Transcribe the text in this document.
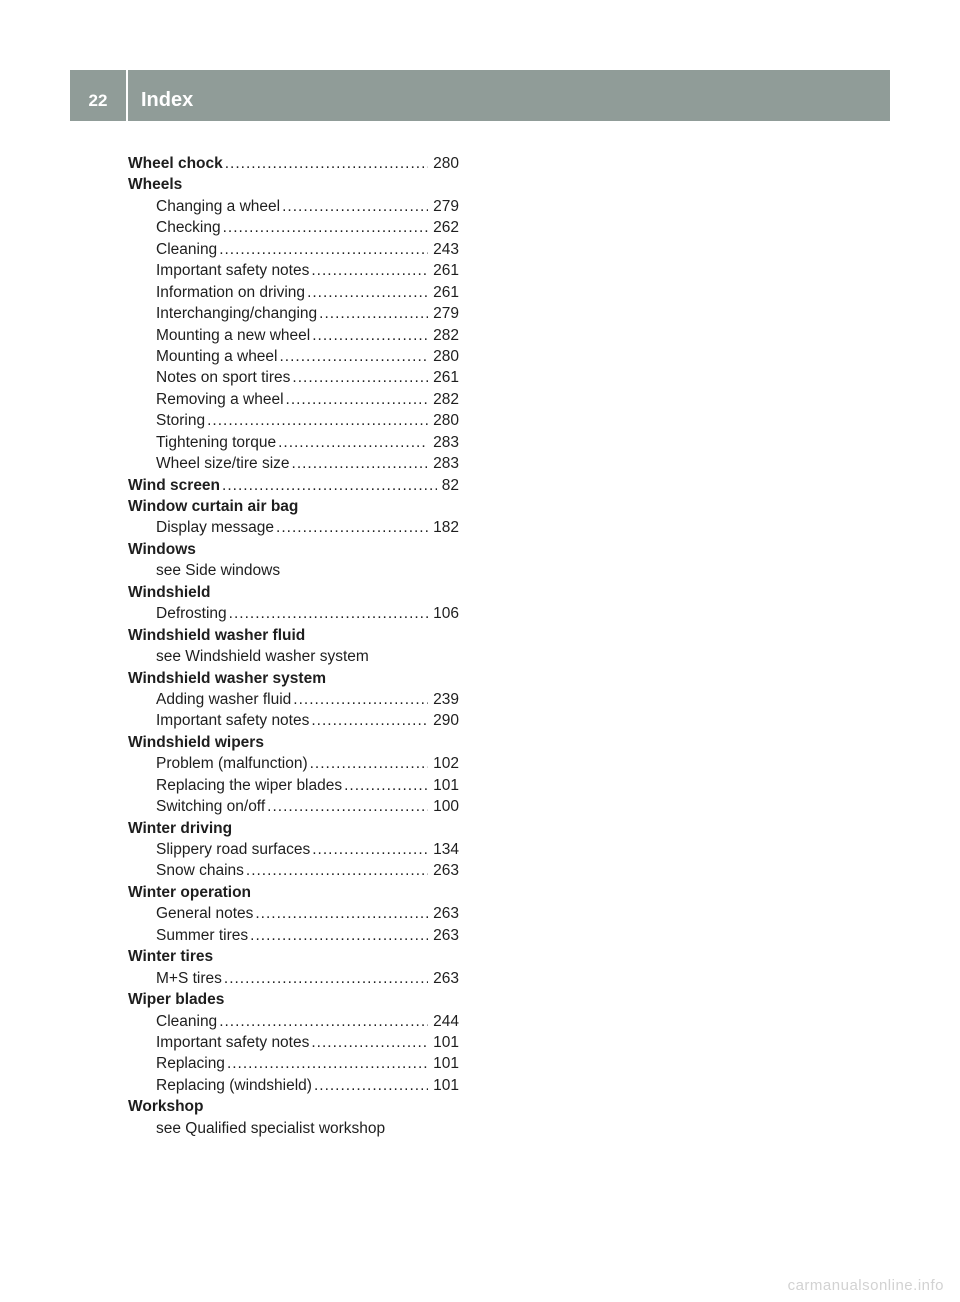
22	Index
Wheel chock .....	280
Wheels
Changing a wheel .....	279
Checking .....	262
Cleaning .....	243
Important safety notes .....	261
Information on driving .....	261
Interchanging/changing .....	279
Mounting a new wheel .....	282
Mounting a wheel .....	280
Notes on sport tires .....	261
Removing a wheel .....	282
Storing .....	280
Tightening torque .....	283
Wheel size/tire size .....	283
Wind screen .....	82
Window curtain air bag
Display message .....	182
Windows
see Side windows
Windshield
Defrosting .....	106
Windshield washer fluid
see Windshield washer system
Windshield washer system
Adding washer fluid .....	239
Important safety notes .....	290
Windshield wipers
Problem (malfunction) .....	102
Replacing the wiper blades .....	101
Switching on/off .....	100
Winter driving
Slippery road surfaces .....	134
Snow chains .....	263
Winter operation
General notes .....	263
Summer tires .....	263
Winter tires
M+S tires .....	263
Wiper blades
Cleaning .....	244
Important safety notes .....	101
Replacing .....	101
Replacing (windshield) .....	101
Workshop
see Qualified specialist workshop
carmanualsonline.info
